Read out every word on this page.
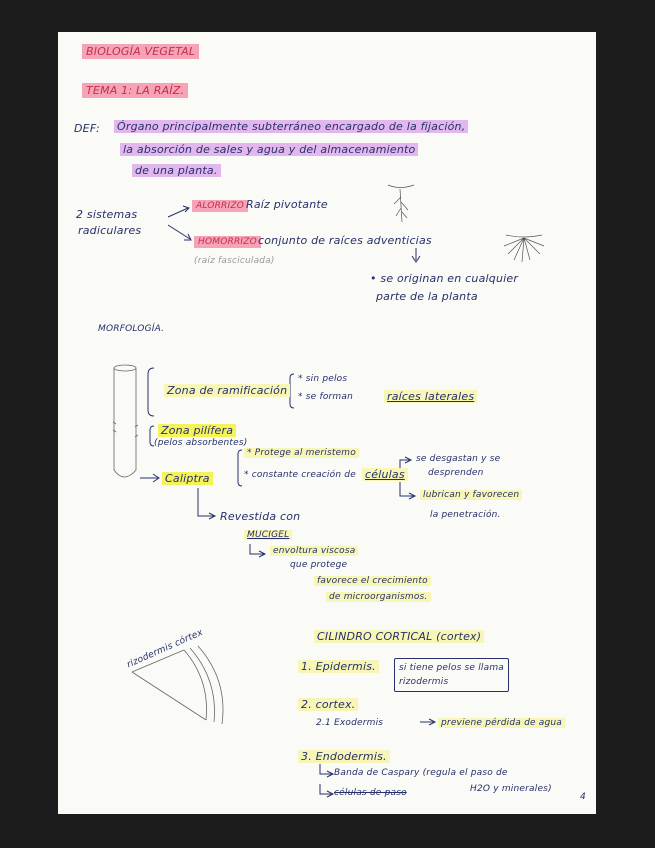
BIOLOGÍA VEGETAL
TEMA 1: LA RAÍZ.
DEF: Órgano principalmente subterráneo encargado de la fijación,
la absorción de sales y agua y del almacenamiento
de una planta.
2 sistemas
radiculares
ALORRIZO Raíz pivotante
HOMORRIZO conjunto de raíces adventicias
(raíz fasciculada)
• se originan en cualquier
parte de la planta
MORFOLOGÍA.
Zona de ramificación
* sin pelos
* se forman	raíces laterales
Zona pilífera
(pelos absorbentes)
Caliptra
* Protege al meristemo
* constante creación de células
se desgastan y se
desprenden
lubrican y favorecen
la penetración.
Revestida con
MUCIGEL
envoltura viscosa
que protege
favorece el crecimiento
de microorganismos.
CILINDRO CORTICAL (cortex)
rizodermis córtex	1. Epidermis.	si tiene pelos se llama
rizodermis
2. cortex.
2.1 Exodermis	previene pérdida de agua
3. Endodermis.
Banda de Caspary (regula el paso de
H2O y minerales)
células de paso	4
